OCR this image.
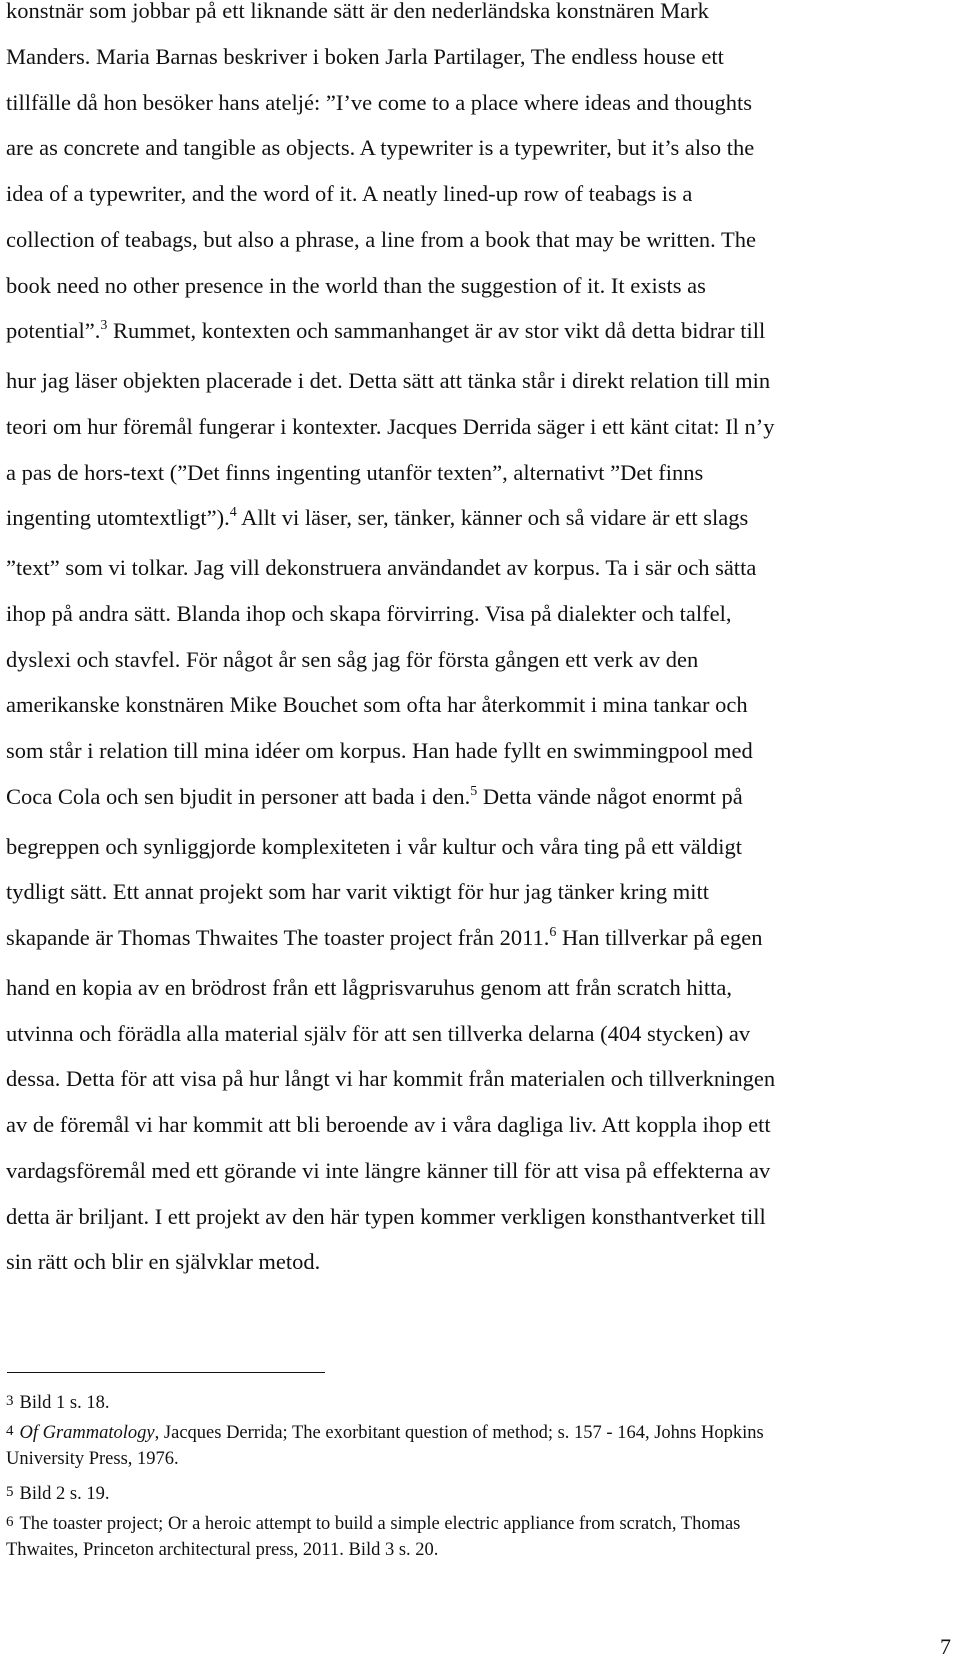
konstnär som jobbar på ett liknande sätt är den nederländska konstnären Mark
Manders. Maria Barnas beskriver i boken Jarla Partilager, The endless house ett
tillfälle då hon besöker hans ateljé: ”I’ve come to a place where ideas and thoughts
are as concrete and tangible as objects. A typewriter is a typewriter, but it’s also the
idea of a typewriter, and the word of it. A neatly lined-up row of teabags is a
collection of teabags, but also a phrase, a line from a book that may be written. The
book need no other presence in the world than the suggestion of it. It exists as
potential”.$^3$ Rummet, kontexten och sammanhanget är av stor vikt då detta bidrar till
hur jag läser objekten placerade i det. Detta sätt att tänka står i direkt relation till min
teori om hur föremål fungerar i kontexter. Jacques Derrida säger i ett känt citat: Il n’y
a pas de hors-text (”Det finns ingenting utanför texten”, alternativt ”Det finns
ingenting utomtextligt”).$^4$ Allt vi läser, ser, tänker, känner och så vidare är ett slags
”text” som vi tolkar. Jag vill dekonstruera användandet av korpus. Ta i sär och sätta
ihop på andra sätt. Blanda ihop och skapa förvirring. Visa på dialekter och talfel,
dyslexi och stavfel. För något år sen såg jag för första gången ett verk av den
amerikanske konstnären Mike Bouchet som ofta har återkommit i mina tankar och
som står i relation till mina idéer om korpus. Han hade fyllt en swimmingpool med
Coca Cola och sen bjudit in personer att bada i den.$^5$ Detta vände något enormt på
begreppen och synliggjorde komplexiteten i vår kultur och våra ting på ett väldigt
tydligt sätt. Ett annat projekt som har varit viktigt för hur jag tänker kring mitt
skapande är Thomas Thwaites The toaster project från 2011.$^6$ Han tillverkar på egen
hand en kopia av en brödrost från ett lågprisvaruhus genom att från scratch hitta,
utvinna och förädla alla material själv för att sen tillverka delarna (404 stycken) av
dessa. Detta för att visa på hur långt vi har kommit från materialen och tillverkningen
av de föremål vi har kommit att bli beroende av i våra dagliga liv. Att koppla ihop ett
vardagsföremål med ett görande vi inte längre känner till för att visa på effekterna av
detta är briljant. I ett projekt av den här typen kommer verkligen konsthantverket till
sin rätt och blir en självklar metod.
3 Bild 1 s. 18.
4 Of Grammatology, Jacques Derrida; The exorbitant question of method; s. 157 - 164, Johns Hopkins
University Press, 1976.
5 Bild 2 s. 19.
6 The toaster project; Or a heroic attempt to build a simple electric appliance from scratch, Thomas
Thwaites, Princeton architectural press, 2011. Bild 3 s. 20.
7
